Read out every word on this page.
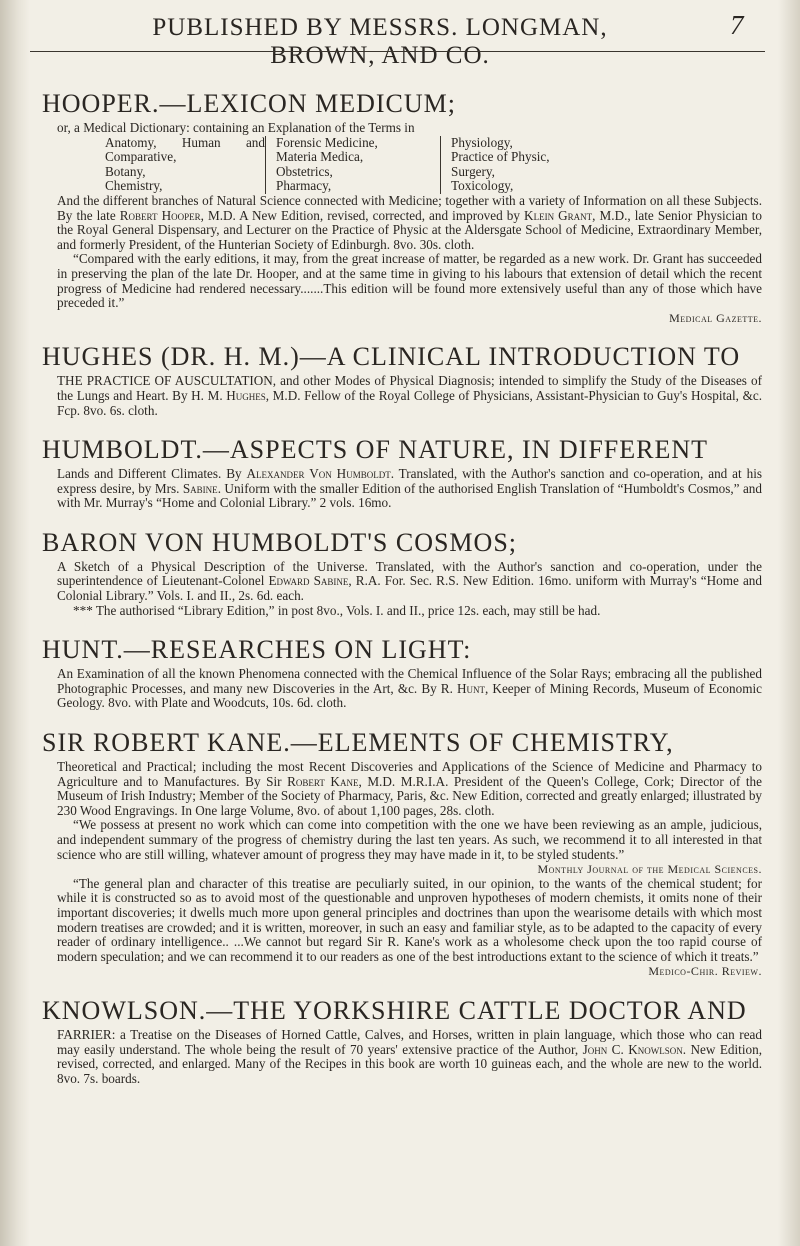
PUBLISHED BY MESSRS. LONGMAN, BROWN, AND CO.
7
HOOPER.—LEXICON MEDICUM;

or, a Medical Dictionary: containing an Explanation of the Terms in

Anatomy, Human and Comparative,
Botany,
Chemistry,
Forensic Medicine,
Materia Medica,
Obstetrics,
Pharmacy,
Physiology,
Practice of Physic,
Surgery,
Toxicology,

And the different branches of Natural Science connected with Medicine; together with a variety of Information on all these Subjects. By the late Robert Hooper, M.D. A New Edition, revised, corrected, and improved by Klein Grant, M.D., late Senior Physician to the Royal General Dispensary, and Lecturer on the Practice of Physic at the Aldersgate School of Medicine, Extraordinary Member, and formerly President, of the Hunterian Society of Edinburgh. 8vo. 30s. cloth.

“Compared with the early editions, it may, from the great increase of matter, be regarded as a new work. Dr. Grant has succeeded in preserving the plan of the late Dr. Hooper, and at the same time in giving to his labours that extension of detail which the recent progress of Medicine had rendered necessary.......This edition will be found more extensively useful than any of those which have preceded it.”

Medical Gazette.
HUGHES (DR. H. M.)—A CLINICAL INTRODUCTION TO

THE PRACTICE OF AUSCULTATION, and other Modes of Physical Diagnosis; intended to simplify the Study of the Diseases of the Lungs and Heart. By H. M. Hughes, M.D. Fellow of the Royal College of Physicians, Assistant-Physician to Guy's Hospital, &c. Fcp. 8vo. 6s. cloth.

HUMBOLDT.—ASPECTS OF NATURE, IN DIFFERENT

Lands and Different Climates. By Alexander Von Humboldt. Translated, with the Author's sanction and co-operation, and at his express desire, by Mrs. Sabine. Uniform with the smaller Edition of the authorised English Translation of “Humboldt's Cosmos,” and with Mr. Murray's “Home and Colonial Library.” 2 vols. 16mo.

BARON VON HUMBOLDT'S COSMOS;

A Sketch of a Physical Description of the Universe. Translated, with the Author's sanction and co-operation, under the superintendence of Lieutenant-Colonel Edward Sabine, R.A. For. Sec. R.S. New Edition. 16mo. uniform with Murray's “Home and Colonial Library.” Vols. I. and II., 2s. 6d. each.

*** The authorised “Library Edition,” in post 8vo., Vols. I. and II., price 12s. each, may still be had.

HUNT.—RESEARCHES ON LIGHT:

An Examination of all the known Phenomena connected with the Chemical Influence of the Solar Rays; embracing all the published Photographic Processes, and many new Discoveries in the Art, &c. By R. Hunt, Keeper of Mining Records, Museum of Economic Geology. 8vo. with Plate and Woodcuts, 10s. 6d. cloth.

SIR ROBERT KANE.—ELEMENTS OF CHEMISTRY,

Theoretical and Practical; including the most Recent Discoveries and Applications of the Science of Medicine and Pharmacy to Agriculture and to Manufactures. By Sir Robert Kane, M.D. M.R.I.A. President of the Queen's College, Cork; Director of the Museum of Irish Industry; Member of the Society of Pharmacy, Paris, &c. New Edition, corrected and greatly enlarged; illustrated by 230 Wood Engravings. In One large Volume, 8vo. of about 1,100 pages, 28s. cloth.

“We possess at present no work which can come into competition with the one we have been reviewing as an ample, judicious, and independent summary of the progress of chemistry during the last ten years. As such, we recommend it to all interested in that science who are still willing, whatever amount of progress they may have made in it, to be styled students.”

Monthly Journal of the Medical Sciences.

“The general plan and character of this treatise are peculiarly suited, in our opinion, to the wants of the chemical student; for while it is constructed so as to avoid most of the questionable and unproven hypotheses of modern chemists, it omits none of their important discoveries; it dwells much more upon general principles and doctrines than upon the wearisome details with which most modern treatises are crowded; and it is written, moreover, in such an easy and familiar style, as to be adapted to the capacity of every reader of ordinary intelligence.. ...We cannot but regard Sir R. Kane's work as a wholesome check upon the too rapid course of modern speculation; and we can recommend it to our readers as one of the best introductions extant to the science of which it treats.”

Medico-Chir. Review.
KNOWLSON.—THE YORKSHIRE CATTLE DOCTOR AND

FARRIER: a Treatise on the Diseases of Horned Cattle, Calves, and Horses, written in plain language, which those who can read may easily understand. The whole being the result of 70 years' extensive practice of the Author, John C. Knowlson. New Edition, revised, corrected, and enlarged. Many of the Recipes in this book are worth 10 guineas each, and the whole are new to the world. 8vo. 7s. boards.
